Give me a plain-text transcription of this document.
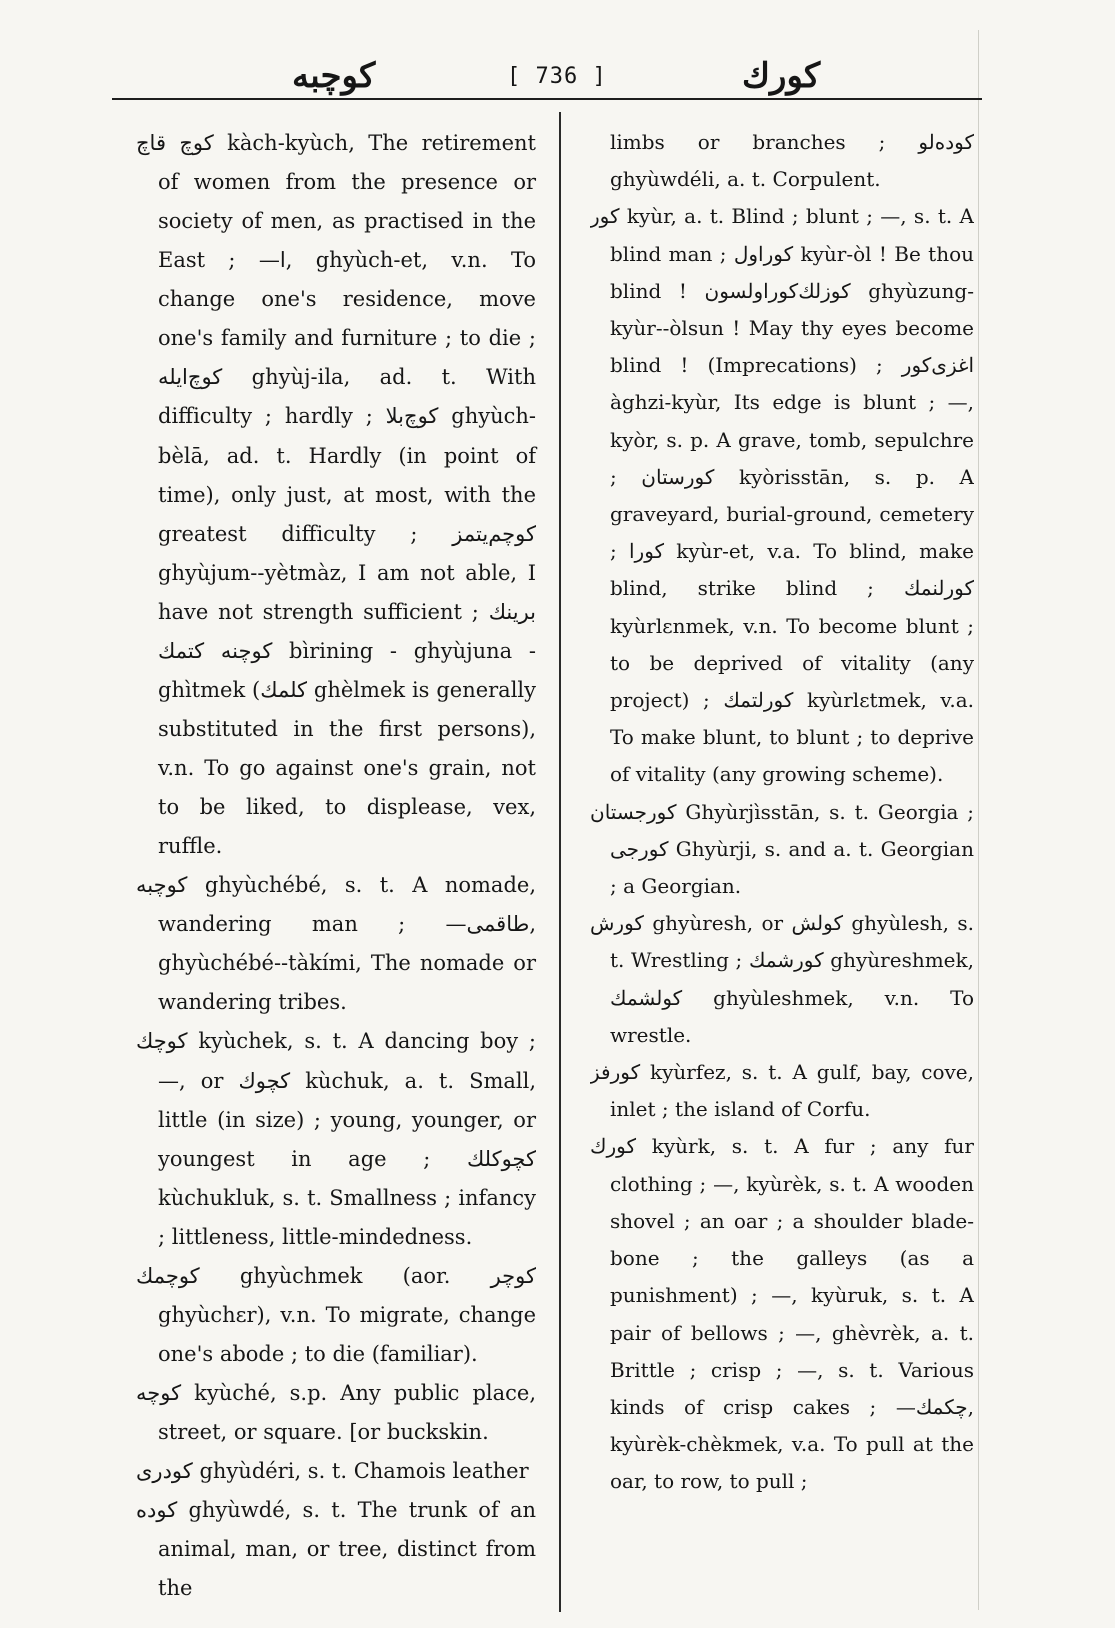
کوچبه	[ 736 ]	کورك

کوچ قاچ kàch-kyùch, The retirement of women from the presence or society of men, as practised in the East ; —ا, ghyùch-et, v.n. To change one's residence, move one's family and furniture ; to die ; کوچ‌ایله ghyùj-ila, ad. t. With difficulty ; hardly ; کوچ‌بلا ghyùch-bèlā, ad. t. Hardly (in point of time), only just, at most, with the greatest difficulty ; کوچم‌یتمز ghyùjum--yètmàz, I am not able, I have not strength sufficient ; برینك کوچنه کتمك bìrining - ghyùjuna - ghìtmek (کلمك ghèlmek is generally substituted in the first persons), v.n. To go against one's grain, not to be liked, to displease, vex, ruffle.

کوچبه ghyùchébé, s. t. A nomade, wandering man ; —طاقمی, ghyùchébé--tàkími, The nomade or wandering tribes.

کوچك kyùchek, s. t. A dancing boy ; —, or کچوك kùchuk, a. t. Small, little (in size) ; young, younger, or youngest in age ; کچوکلك kùchukluk, s. t. Smallness ; infancy ; littleness, little-mindedness.

کوچمك ghyùchmek (aor. کوچر ghyùchɛr), v.n. To migrate, change one's abode ; to die (familiar).

کوچه kyùché, s.p. Any public place, street, or square. [or buckskin.

کودری ghyùdéri, s. t. Chamois leather

کوده ghyùwdé, s. t. The trunk of an animal, man, or tree, distinct from the

limbs or branches ; کوده‌لو ghyùwdéli, a. t. Corpulent.

کور kyùr, a. t. Blind ; blunt ; —, s. t. A blind man ; کوراول kyùr-òl ! Be thou blind ! کوزلك‌کوراولسون ghyùzung-kyùr--òlsun ! May thy eyes become blind ! (Imprecations) ; اغزی‌کور àghzi-kyùr, Its edge is blunt ; —, kyòr, s. p. A grave, tomb, sepulchre ; کورستان kyòrisstān, s. p. A graveyard, burial-ground, cemetery ; کورا kyùr-et, v.a. To blind, make blind, strike blind ; کورلنمك kyùrlɛnmek, v.n. To become blunt ; to be deprived of vitality (any project) ; کورلتمك kyùrlɛtmek, v.a. To make blunt, to blunt ; to deprive of vitality (any growing scheme).

کورجستان Ghyùrjìsstān, s. t. Georgia ; کورجی Ghyùrji, s. and a. t. Georgian ; a Georgian.

کورش ghyùresh, or کولش ghyùlesh, s. t. Wrestling ; کورشمك ghyùreshmek, کولشمك ghyùleshmek, v.n. To wrestle.

کورفز kyùrfez, s. t. A gulf, bay, cove, inlet ; the island of Corfu.

کورك kyùrk, s. t. A fur ; any fur clothing ; —, kyùrèk, s. t. A wooden shovel ; an oar ; a shoulder blade-bone ; the galleys (as a punishment) ; —, kyùruk, s. t. A pair of bellows ; —, ghèvrèk, a. t. Brittle ; crisp ; —, s. t. Various kinds of crisp cakes ; —چکمك, kyùrèk-chèkmek, v.a. To pull at the oar, to row, to pull ;
